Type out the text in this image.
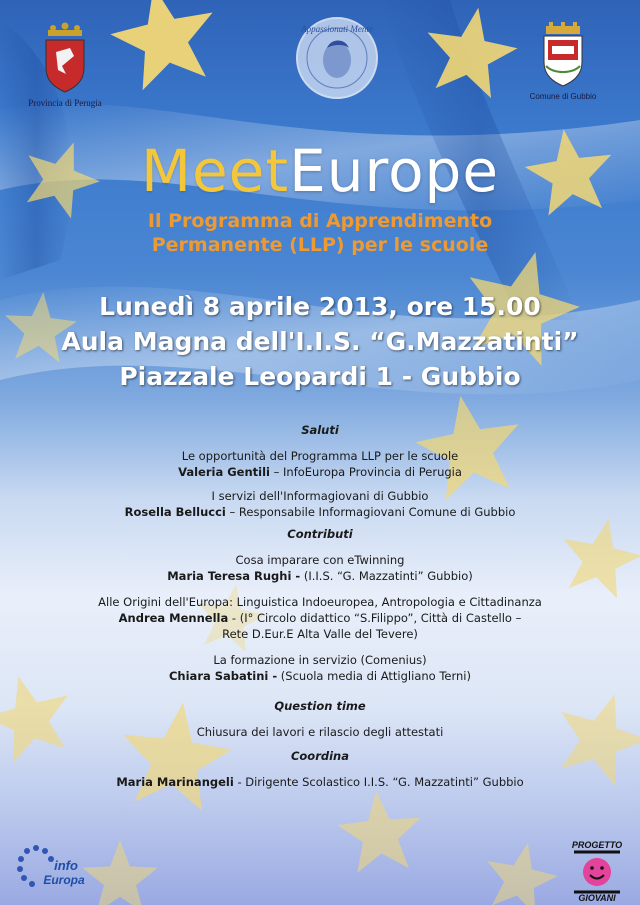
Provincia di Perugia
Appassionati Mente
Comune di Gubbio
MeetEurope
Il Programma di Apprendimento
Permanente (LLP) per le scuole
Lunedì 8 aprile 2013, ore 15.00
Aula Magna dell'I.I.S. “G.Mazzatinti”
Piazzale Leopardi 1 - Gubbio
Saluti
Le opportunità del Programma LLP per le scuole
Valeria Gentili – InfoEuropa Provincia di Perugia
I servizi dell'Informagiovani di Gubbio
Rosella Bellucci – Responsabile Informagiovani Comune di Gubbio
Contributi
Cosa imparare con eTwinning
Maria Teresa Rughi - (I.I.S. “G. Mazzatinti” Gubbio)
Alle Origini dell'Europa: Linguistica Indoeuropea, Antropologia e Cittadinanza
Andrea Mennella - (I° Circolo didattico “S.Filippo”, Città di Castello –
Rete D.Eur.E Alta Valle del Tevere)
La formazione in servizio (Comenius)
Chiara Sabatini - (Scuola media di Attigliano Terni)
Question time
Chiusura dei lavori e rilascio degli attestati
Coordina
Maria Marinangeli - Dirigente Scolastico I.I.S. “G. Mazzatinti” Gubbio
info
Europa
PROGETTO
GIOVANI
